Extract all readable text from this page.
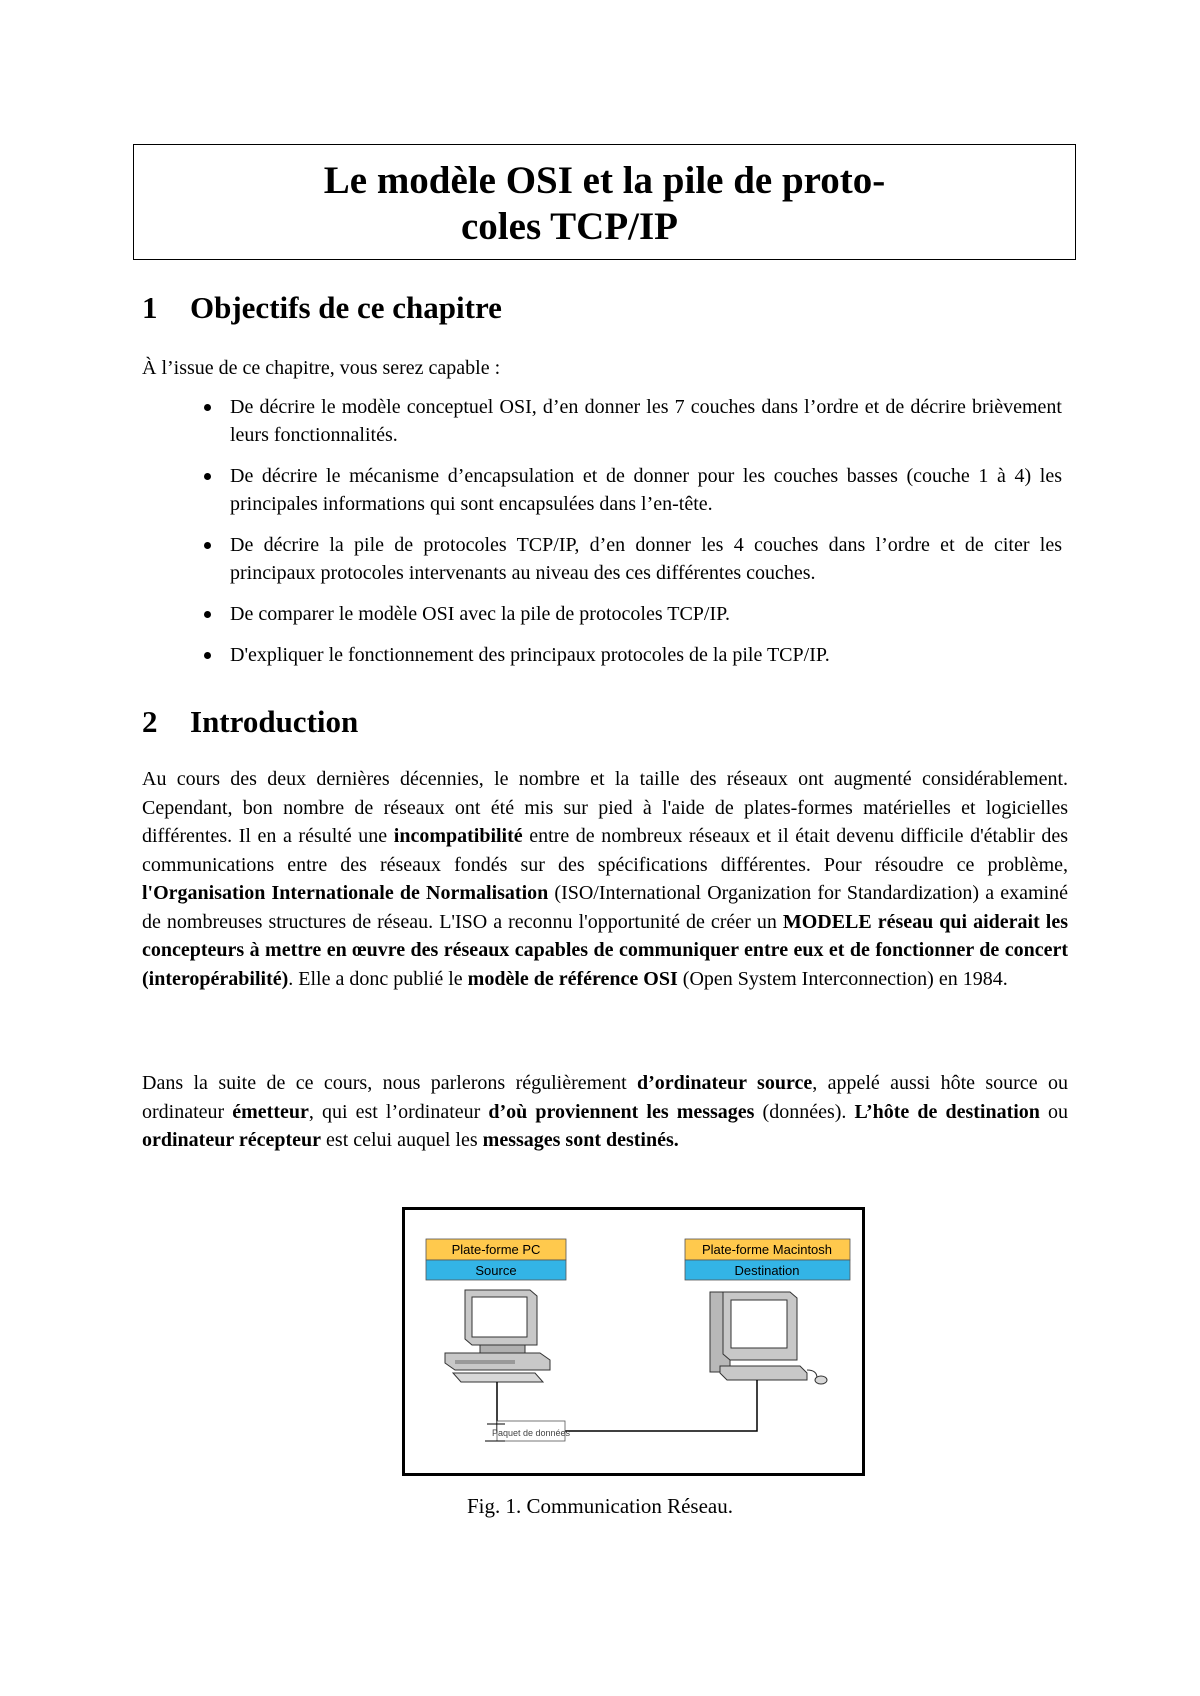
Le modèle OSI et la pile de proto-
coles TCP/IP
1 Objectifs de ce chapitre
À l’issue de ce chapitre, vous serez capable :
De décrire le modèle conceptuel OSI, d’en donner les 7 couches dans l’ordre et de décrire brièvement leurs fonctionnalités.
De décrire le mécanisme d’encapsulation et de donner pour les couches basses (couche 1 à 4) les principales informations qui sont encapsulées dans l’en-tête.
De décrire la pile de protocoles TCP/IP, d’en donner les 4 couches dans l’ordre et de citer les principaux protocoles intervenants au niveau des ces différentes couches.
De comparer le modèle OSI avec la pile de protocoles TCP/IP.
D'expliquer le fonctionnement des principaux protocoles de la pile TCP/IP.
2 Introduction
Au cours des deux dernières décennies, le nombre et la taille des réseaux ont augmenté considérablement. Cependant, bon nombre de réseaux ont été mis sur pied à l'aide de plates-formes matérielles et logicielles différentes. Il en a résulté une incompatibilité entre de nombreux réseaux et il était devenu difficile d'établir des communications entre des réseaux fondés sur des spécifications différentes. Pour résoudre ce problème, l'Organisation Internationale de Normalisation (ISO/International Organization for Standardization) a examiné de nombreuses structures de réseau. L'ISO a reconnu l'opportunité de créer un MODELE réseau qui aiderait les concepteurs à mettre en œuvre des réseaux capables de communiquer entre eux et de fonctionner de concert (interopérabilité). Elle a donc publié le modèle de référence OSI (Open System Interconnection) en 1984.
Dans la suite de ce cours, nous parlerons régulièrement d’ordinateur source, appelé aussi hôte source ou ordinateur émetteur, qui est l’ordinateur d’où proviennent les messages (données). L’hôte de destination ou ordinateur récepteur est celui auquel les messages sont destinés.
Plate-forme PC
Source
Plate-forme Macintosh
Destination
Paquet de données
Fig. 1. Communication Réseau.
